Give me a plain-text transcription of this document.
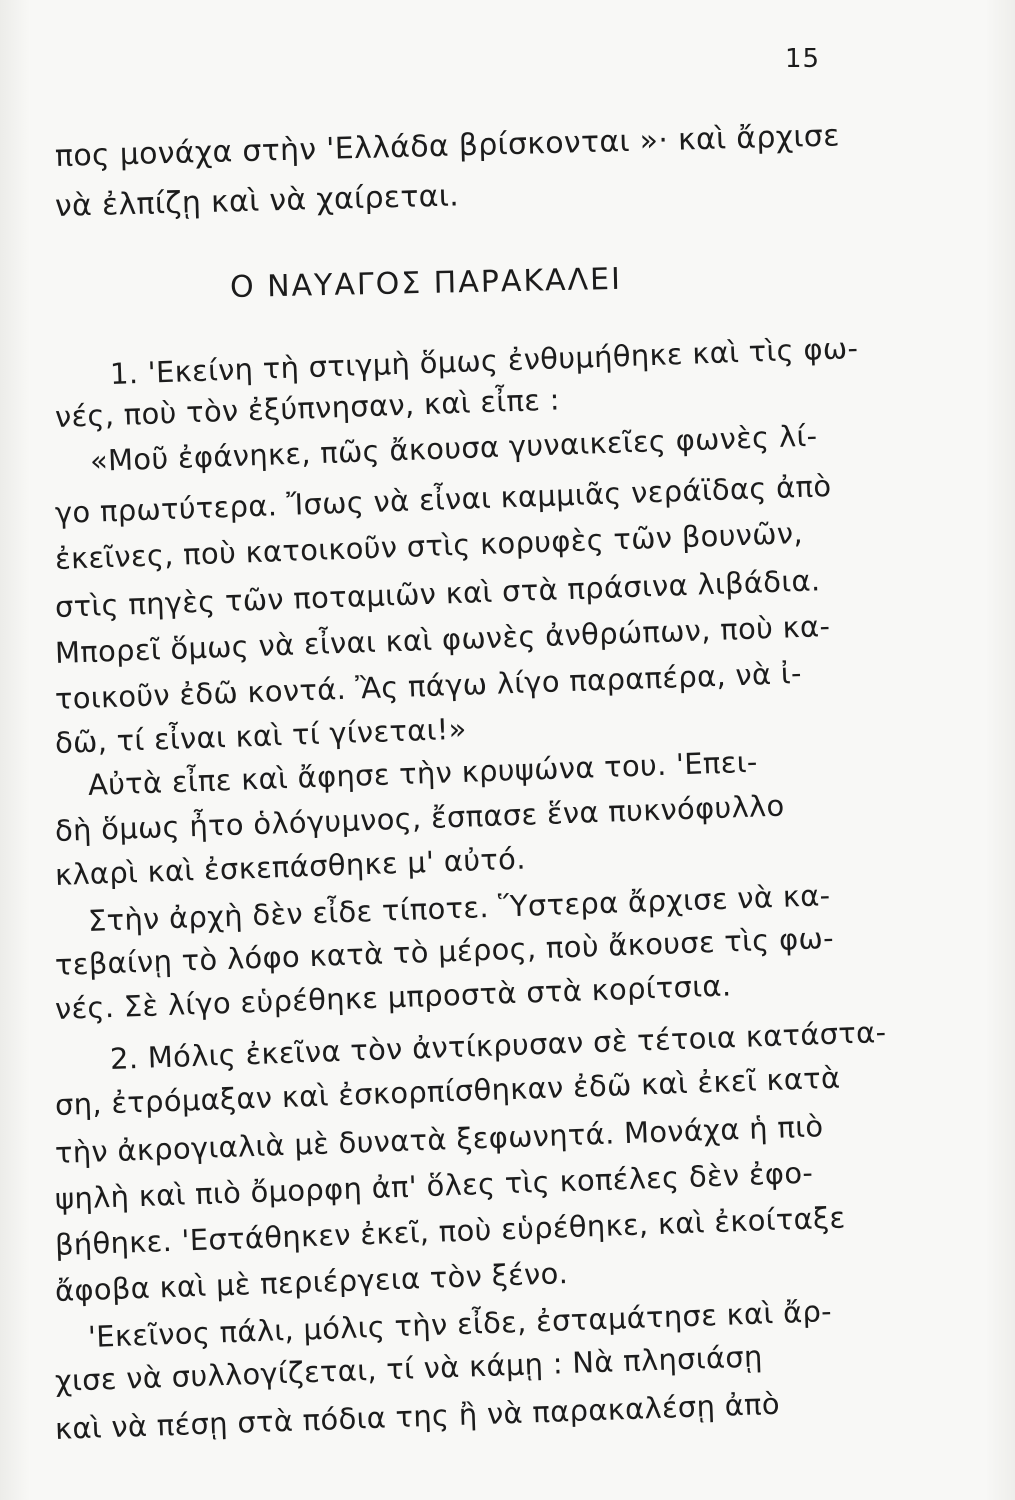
15
πος μονάχα στὴν 'Ελλάδα βρίσκονται »· καὶ ἄρχισε
νὰ ἐλπίζῃ καὶ νὰ χαίρεται.
Ο ΝΑΥΑΓΟΣ ΠΑΡΑΚΑΛΕΙ
1. 'Εκείνη τὴ στιγμὴ ὅμως ἐνθυμήθηκε καὶ τὶς φω-
νές, ποὺ τὸν ἐξύπνησαν, καὶ εἶπε :
«Μοῦ ἐφάνηκε, πῶς ἄκουσα γυναικεῖες φωνὲς λί-
γο πρωτύτερα. Ἴσως νὰ εἶναι καμμιᾶς νεράϊδας ἀπὸ
ἐκεῖνες, ποὺ κατοικοῦν στὶς κορυφὲς τῶν βουνῶν,
στὶς πηγὲς τῶν ποταμιῶν καὶ στὰ πράσινα λιβάδια.
Μπορεῖ ὅμως νὰ εἶναι καὶ φωνὲς ἀνθρώπων, ποὺ κα-
τοικοῦν ἐδῶ κοντά. Ἂς πάγω λίγο παραπέρα, νὰ ἰ-
δῶ, τί εἶναι καὶ τί γίνεται!»
Αὐτὰ εἶπε καὶ ἄφησε τὴν κρυψώνα του. 'Επει-
δὴ ὅμως ἦτο ὁλόγυμνος, ἔσπασε ἕνα πυκνόφυλλο
κλαρὶ καὶ ἐσκεπάσθηκε μ' αὐτό.
Στὴν ἀρχὴ δὲν εἶδε τίποτε. Ὕστερα ἄρχισε νὰ κα-
τεβαίνῃ τὸ λόφο κατὰ τὸ μέρος, ποὺ ἄκουσε τὶς φω-
νές. Σὲ λίγο εὑρέθηκε μπροστὰ στὰ κορίτσια.
2. Μόλις ἐκεῖνα τὸν ἀντίκρυσαν σὲ τέτοια κατάστα-
ση, ἐτρόμαξαν καὶ ἐσκορπίσθηκαν ἐδῶ καὶ ἐκεῖ κατὰ
τὴν ἀκρογιαλιὰ μὲ δυνατὰ ξεφωνητά. Μονάχα ἡ πιὸ
ψηλὴ καὶ πιὸ ὄμορφη ἀπ' ὅλες τὶς κοπέλες δὲν ἐφο-
βήθηκε. 'Εστάθηκεν ἐκεῖ, ποὺ εὑρέθηκε, καὶ ἐκοίταξε
ἄφοβα καὶ μὲ περιέργεια τὸν ξένο.
'Εκεῖνος πάλι, μόλις τὴν εἶδε, ἐσταμάτησε καὶ ἄρ-
χισε νὰ συλλογίζεται, τί νὰ κάμῃ : Νὰ πλησιάσῃ
καὶ νὰ πέσῃ στὰ πόδια της ἢ νὰ παρακαλέσῃ ἀπὸ
